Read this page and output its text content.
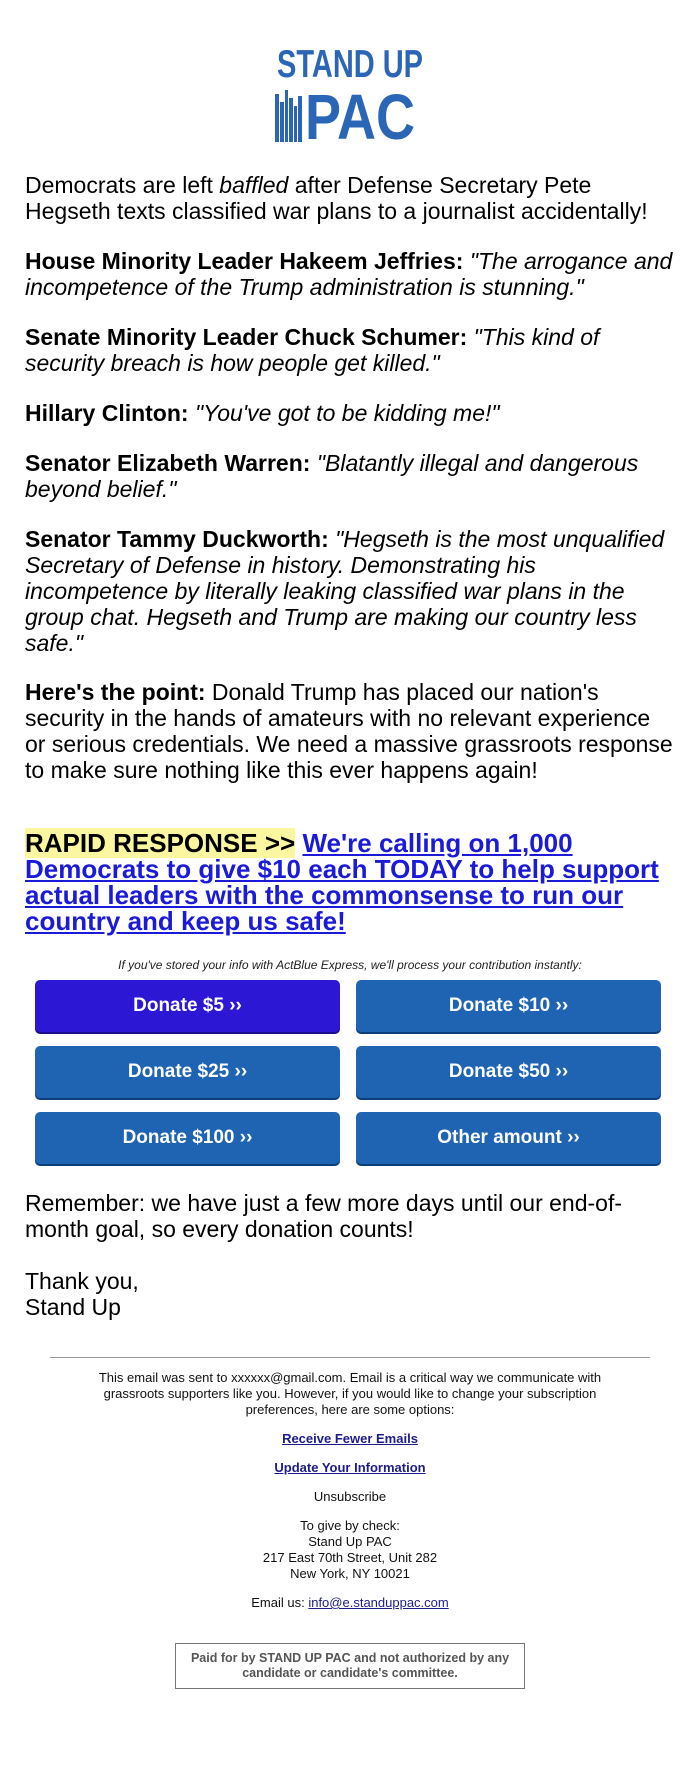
STAND UP
PAC

Democrats are left baffled after Defense Secretary Pete Hegseth texts classified war plans to a journalist accidentally!

House Minority Leader Hakeem Jeffries: "The arrogance and incompetence of the Trump administration is stunning."

Senate Minority Leader Chuck Schumer: "This kind of security breach is how people get killed."

Hillary Clinton: "You've got to be kidding me!"

Senator Elizabeth Warren: "Blatantly illegal and dangerous beyond belief."

Senator Tammy Duckworth: "Hegseth is the most unqualified Secretary of Defense in history. Demonstrating his incompetence by literally leaking classified war plans in the group chat. Hegseth and Trump are making our country less safe."

Here's the point: Donald Trump has placed our nation's security in the hands of amateurs with no relevant experience or serious credentials. We need a massive grassroots response to make sure nothing like this ever happens again!

RAPID RESPONSE >> We're calling on 1,000 Democrats to give $10 each TODAY to help support actual leaders with the commonsense to run our country and keep us safe!

If you've stored your info with ActBlue Express, we'll process your contribution instantly:
Donate $5 ››	Donate $10 ››
Donate $25 ››	Donate $50 ››
Donate $100 ››	Other amount ››

Remember: we have just a few more days until our end-of-month goal, so every donation counts!

Thank you,

Stand Up

This email was sent to xxxxxx@gmail.com. Email is a critical way we communicate with grassroots supporters like you. However, if you would like to change your subscription preferences, here are some options:

Receive Fewer Emails

Update Your Information

Unsubscribe

To give by check:
Stand Up PAC
217 East 70th Street, Unit 282
New York, NY 10021

Email us: info@e.standuppac.com

Paid for by STAND UP PAC and not authorized by any candidate or candidate's committee.
